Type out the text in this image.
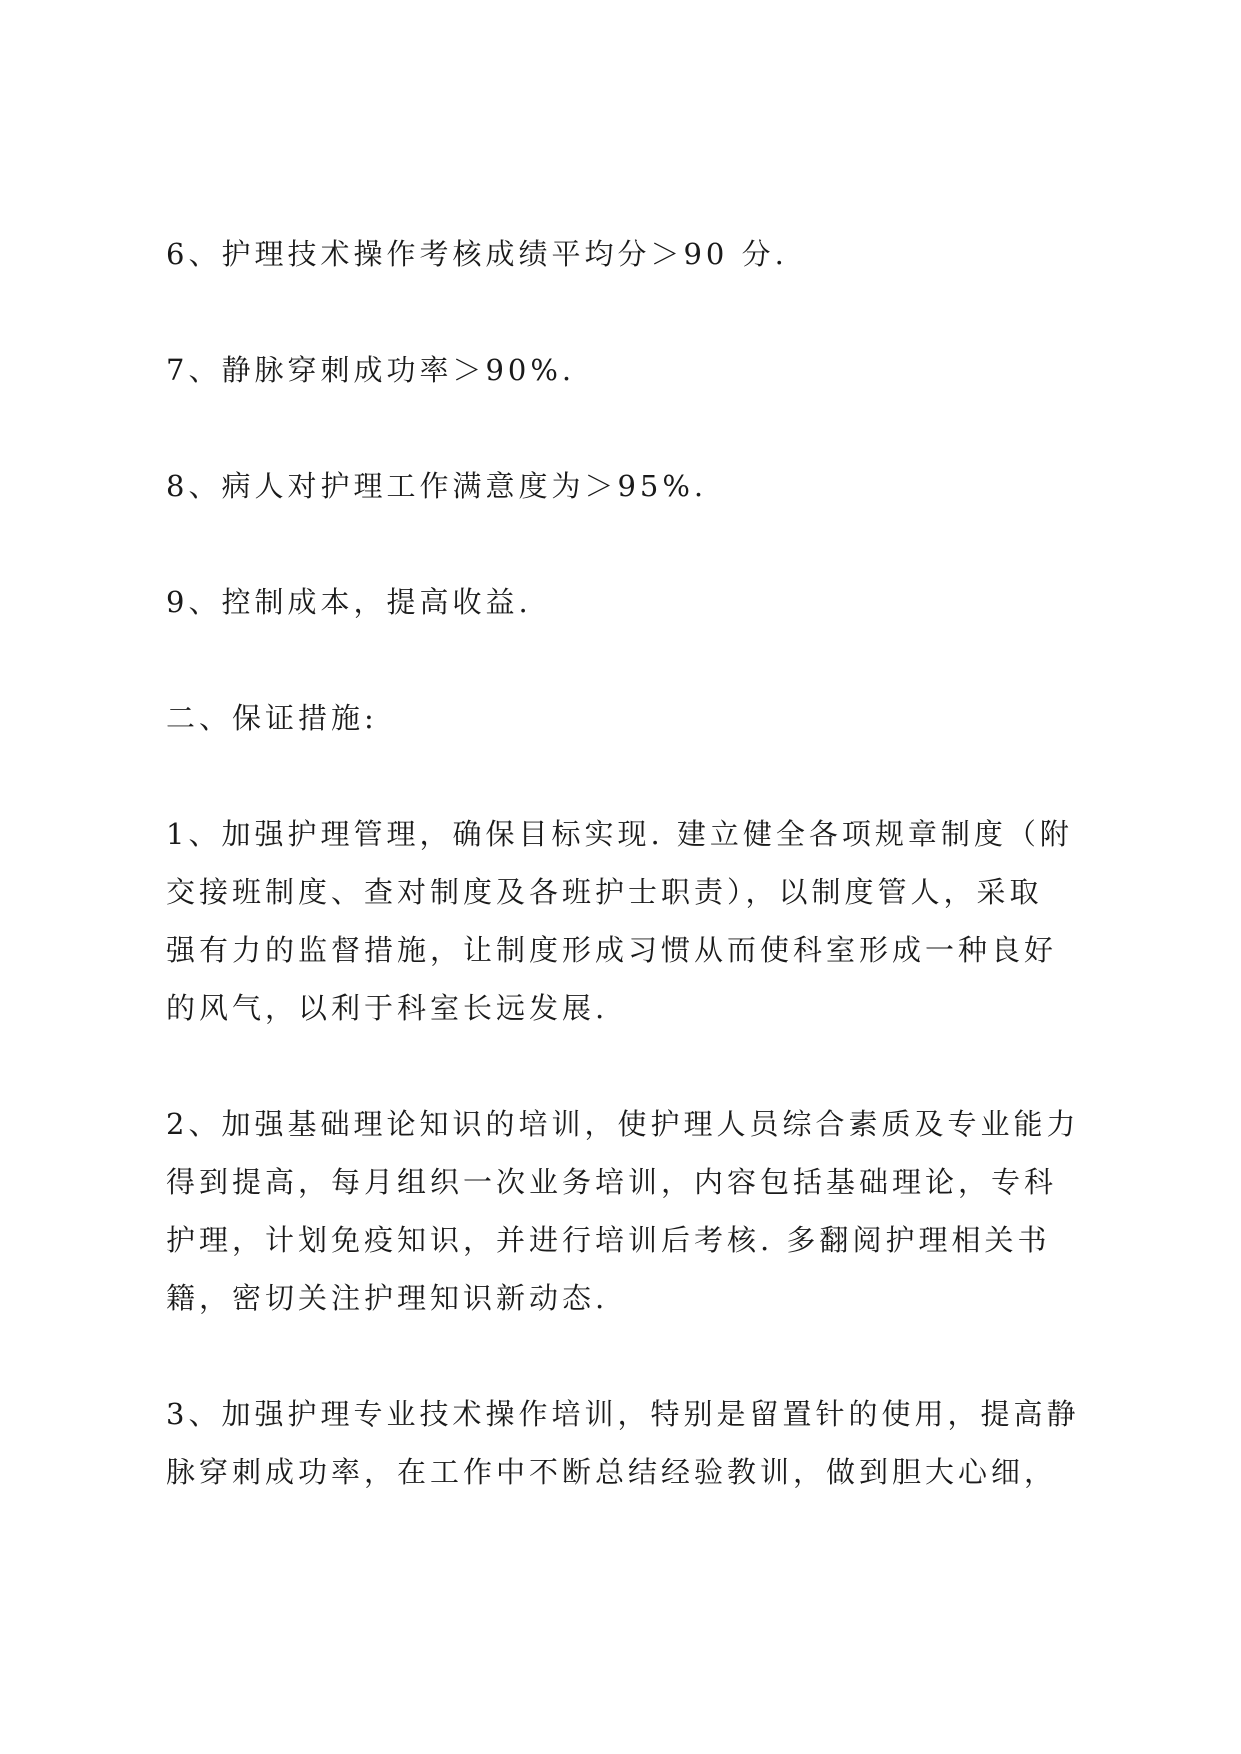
6、护理技术操作考核成绩平均分＞90 分.
7、静脉穿刺成功率＞90%.
8、病人对护理工作满意度为＞95%.
9、控制成本，提高收益.
二、保证措施:
1、加强护理管理，确保目标实现. 建立健全各项规章制度（附
交接班制度、查对制度及各班护士职责），以制度管人，采取
强有力的监督措施，让制度形成习惯从而使科室形成一种良好
的风气，以利于科室长远发展.
2、加强基础理论知识的培训，使护理人员综合素质及专业能力
得到提高，每月组织一次业务培训，内容包括基础理论，专科
护理，计划免疫知识，并进行培训后考核. 多翻阅护理相关书
籍，密切关注护理知识新动态.
3、加强护理专业技术操作培训，特别是留置针的使用，提高静
脉穿刺成功率，在工作中不断总结经验教训，做到胆大心细，
